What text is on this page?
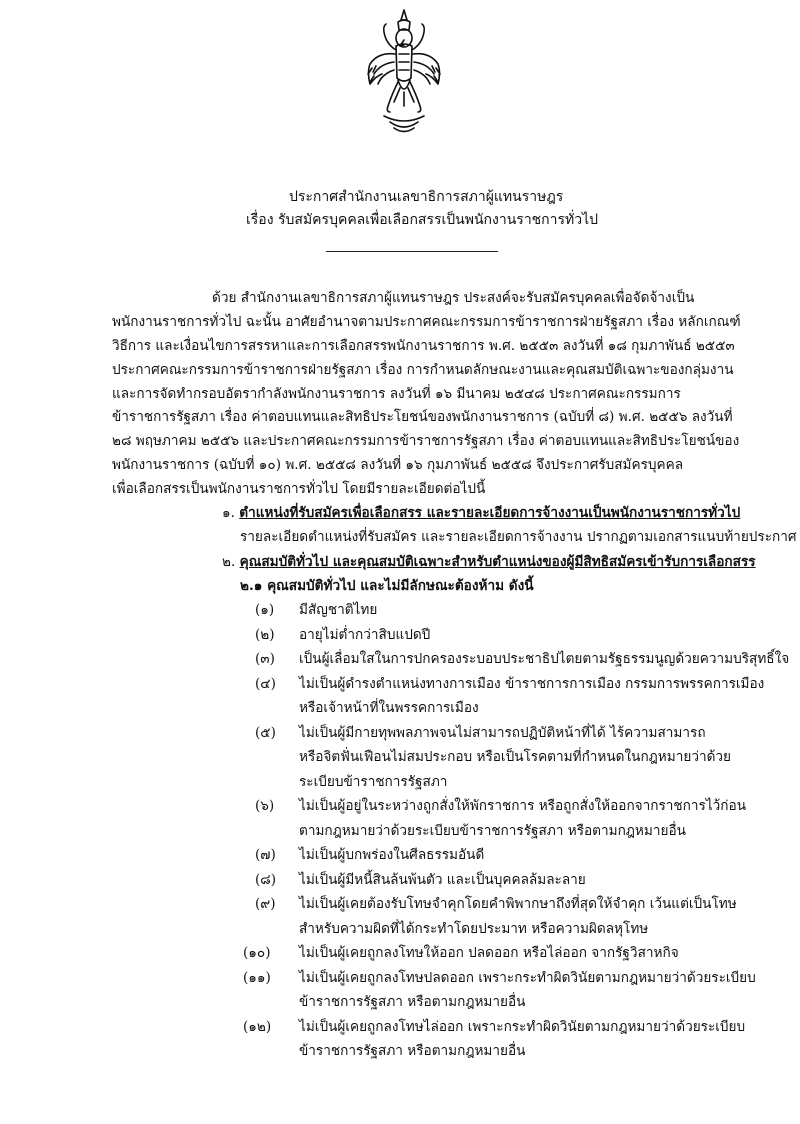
ประกาศสำนักงานเลขาธิการสภาผู้แทนราษฎร
เรื่อง รับสมัครบุคคลเพื่อเลือกสรรเป็นพนักงานราชการทั่วไป
ด้วย สำนักงานเลขาธิการสภาผู้แทนราษฎร ประสงค์จะรับสมัครบุคคลเพื่อจัดจ้างเป็น
พนักงานราชการทั่วไป ฉะนั้น อาศัยอำนาจตามประกาศคณะกรรมการข้าราชการฝ่ายรัฐสภา เรื่อง หลักเกณฑ์
วิธีการ และเงื่อนไขการสรรหาและการเลือกสรรพนักงานราชการ พ.ศ. ๒๕๕๓ ลงวันที่ ๑๘ กุมภาพันธ์ ๒๕๕๓
ประกาศคณะกรรมการข้าราชการฝ่ายรัฐสภา เรื่อง การกำหนดลักษณะงานและคุณสมบัติเฉพาะของกลุ่มงาน
และการจัดทำกรอบอัตรากำลังพนักงานราชการ ลงวันที่ ๑๖ มีนาคม ๒๕๔๘ ประกาศคณะกรรมการ
ข้าราชการรัฐสภา เรื่อง ค่าตอบแทนและสิทธิประโยชน์ของพนักงานราชการ (ฉบับที่ ๘) พ.ศ. ๒๕๕๖ ลงวันที่
๒๘ พฤษภาคม ๒๕๕๖ และประกาศคณะกรรมการข้าราชการรัฐสภา เรื่อง ค่าตอบแทนและสิทธิประโยชน์ของ
พนักงานราชการ (ฉบับที่ ๑๐) พ.ศ. ๒๕๕๘ ลงวันที่ ๑๖ กุมภาพันธ์ ๒๕๕๘ จึงประกาศรับสมัครบุคคล
เพื่อเลือกสรรเป็นพนักงานราชการทั่วไป โดยมีรายละเอียดต่อไปนี้
๑. ตำแหน่งที่รับสมัครเพื่อเลือกสรร และรายละเอียดการจ้างงานเป็นพนักงานราชการทั่วไป
รายละเอียดตำแหน่งที่รับสมัคร และรายละเอียดการจ้างงาน ปรากฏตามเอกสารแนบท้ายประกาศ
๒. คุณสมบัติทั่วไป และคุณสมบัติเฉพาะสำหรับตำแหน่งของผู้มีสิทธิสมัครเข้ารับการเลือกสรร
๒.๑ คุณสมบัติทั่วไป และไม่มีลักษณะต้องห้าม ดังนี้
(๑)	มีสัญชาติไทย
(๒)	อายุไม่ต่ำกว่าสิบแปดปี
(๓)	เป็นผู้เลื่อมใสในการปกครองระบอบประชาธิปไตยตามรัฐธรรมนูญด้วยความบริสุทธิ์ใจ
(๔)	ไม่เป็นผู้ดำรงตำแหน่งทางการเมือง ข้าราชการการเมือง กรรมการพรรคการเมือง
หรือเจ้าหน้าที่ในพรรคการเมือง
(๕)	ไม่เป็นผู้มีกายทุพพลภาพจนไม่สามารถปฏิบัติหน้าที่ได้ ไร้ความสามารถ
หรือจิตฟั่นเฟือนไม่สมประกอบ หรือเป็นโรคตามที่กำหนดในกฎหมายว่าด้วย
ระเบียบข้าราชการรัฐสภา
(๖)	ไม่เป็นผู้อยู่ในระหว่างถูกสั่งให้พักราชการ หรือถูกสั่งให้ออกจากราชการไว้ก่อน
ตามกฎหมายว่าด้วยระเบียบข้าราชการรัฐสภา หรือตามกฎหมายอื่น
(๗)	ไม่เป็นผู้บกพร่องในศีลธรรมอันดี
(๘)	ไม่เป็นผู้มีหนี้สินล้นพ้นตัว และเป็นบุคคลล้มละลาย
(๙)	ไม่เป็นผู้เคยต้องรับโทษจำคุกโดยคำพิพากษาถึงที่สุดให้จำคุก เว้นแต่เป็นโทษ
สำหรับความผิดที่ได้กระทำโดยประมาท หรือความผิดลหุโทษ
(๑๐)	ไม่เป็นผู้เคยถูกลงโทษให้ออก ปลดออก หรือไล่ออก จากรัฐวิสาหกิจ
(๑๑)	ไม่เป็นผู้เคยถูกลงโทษปลดออก เพราะกระทำผิดวินัยตามกฎหมายว่าด้วยระเบียบ
ข้าราชการรัฐสภา หรือตามกฎหมายอื่น
(๑๒)	ไม่เป็นผู้เคยถูกลงโทษไล่ออก เพราะกระทำผิดวินัยตามกฎหมายว่าด้วยระเบียบ
ข้าราชการรัฐสภา หรือตามกฎหมายอื่น
